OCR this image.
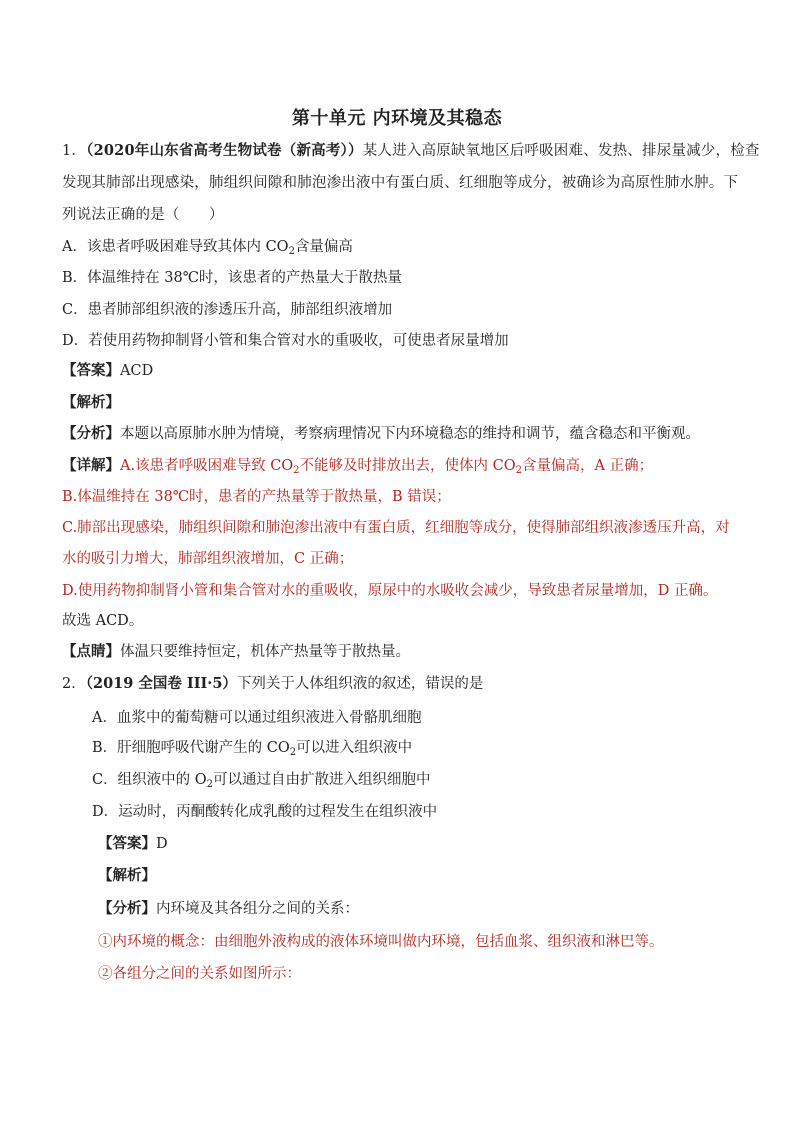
第十单元 内环境及其稳态
1．（2020年山东省高考生物试卷（新高考））某人进入高原缺氧地区后呼吸困难、发热、排尿量减少，检查
发现其肺部出现感染，肺组织间隙和肺泡渗出液中有蛋白质、红细胞等成分，被确诊为高原性肺水肿。下
列说法正确的是（　　）
A．该患者呼吸困难导致其体内 $CO_2$含量偏高
B．体温维持在 38℃时，该患者的产热量大于散热量
C．患者肺部组织液的渗透压升高，肺部组织液增加
D．若使用药物抑制肾小管和集合管对水的重吸收，可使患者尿量增加
【答案】ACD
【解析】
【分析】本题以高原肺水肿为情境，考察病理情况下内环境稳态的维持和调节，蕴含稳态和平衡观。
【详解】A.该患者呼吸困难导致 $CO_2$不能够及时排放出去，使体内 $CO_2$含量偏高，A 正确；
B.体温维持在 38℃时，患者的产热量等于散热量，B 错误；
C.肺部出现感染，肺组织间隙和肺泡渗出液中有蛋白质，红细胞等成分，使得肺部组织液渗透压升高，对
水的吸引力增大，肺部组织液增加，C 正确；
D.使用药物抑制肾小管和集合管对水的重吸收，原尿中的水吸收会减少，导致患者尿量增加，D 正确。
故选 ACD。
【点睛】体温只要维持恒定，机体产热量等于散热量。
2．（2019 全国卷 III·5）下列关于人体组织液的叙述，错误的是
A．血浆中的葡萄糖可以通过组织液进入骨骼肌细胞
B．肝细胞呼吸代谢产生的 $CO_2$可以进入组织液中
C．组织液中的 $O_2$可以通过自由扩散进入组织细胞中
D．运动时，丙酮酸转化成乳酸的过程发生在组织液中
【答案】D
【解析】
【分析】内环境及其各组分之间的关系：
①内环境的概念：由细胞外液构成的液体环境叫做内环境，包括血浆、组织液和淋巴等。
②各组分之间的关系如图所示：
